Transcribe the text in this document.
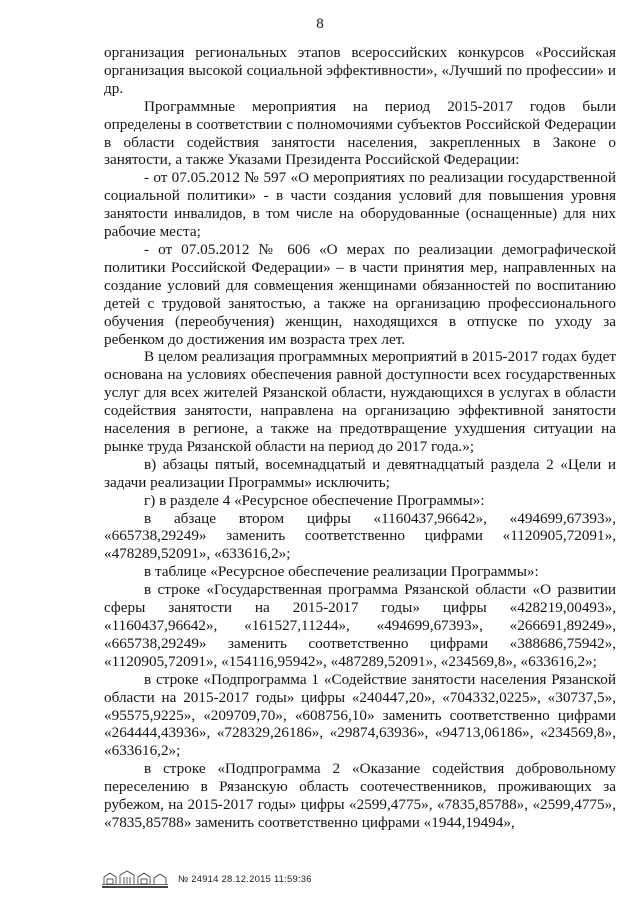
8

организация региональных этапов всероссийских конкурсов «Российская организация высокой социальной эффективности», «Лучший по профессии» и др.

Программные мероприятия на период 2015-2017 годов были определены в соответствии с полномочиями субъектов Российской Федерации в области содействия занятости населения, закрепленных в Законе о занятости, а также Указами Президента Российской Федерации:

- от 07.05.2012 № 597 «О мероприятиях по реализации государственной социальной политики» - в части создания условий для повышения уровня занятости инвалидов, в том числе на оборудованные (оснащенные) для них рабочие места;

- от 07.05.2012 № 606 «О мерах по реализации демографической политики Российской Федерации» – в части принятия мер, направленных на создание условий для совмещения женщинами обязанностей по воспитанию детей с трудовой занятостью, а также на организацию профессионального обучения (переобучения) женщин, находящихся в отпуске по уходу за ребенком до достижения им возраста трех лет.

В целом реализация программных мероприятий в 2015-2017 годах будет основана на условиях обеспечения равной доступности всех государственных услуг для всех жителей Рязанской области, нуждающихся в услугах в области содействия занятости, направлена на организацию эффективной занятости населения в регионе, а также на предотвращение ухудшения ситуации на рынке труда Рязанской области на период до 2017 года.»;

в) абзацы пятый, восемнадцатый и девятнадцатый раздела 2 «Цели и задачи реализации Программы» исключить;

г) в разделе 4 «Ресурсное обеспечение Программы»:

в абзаце втором цифры «1160437,96642», «494699,67393», «665738,29249» заменить соответственно цифрами «1120905,72091», «478289,52091», «633616,2»;

в таблице «Ресурсное обеспечение реализации Программы»:

в строке «Государственная программа Рязанской области «О развитии сферы занятости на 2015-2017 годы» цифры «428219,00493», «1160437,96642», «161527,11244», «494699,67393», «266691,89249», «665738,29249» заменить соответственно цифрами «388686,75942», «1120905,72091», «154116,95942», «487289,52091», «234569,8», «633616,2»;

в строке «Подпрограмма 1 «Содействие занятости населения Рязанской области на 2015-2017 годы» цифры «240447,20», «704332,0225», «30737,5», «95575,9225», «209709,70», «608756,10» заменить соответственно цифрами «264444,43936», «728329,26186», «29874,63936», «94713,06186», «234569,8», «633616,2»;

в строке «Подпрограмма 2 «Оказание содействия добровольному переселению в Рязанскую область соотечественников, проживающих за рубежом, на 2015-2017 годы» цифры «2599,4775», «7835,85788», «2599,4775», «7835,85788» заменить соответственно цифрами «1944,19494»,

№ 24914 28.12.2015 11:59:36
